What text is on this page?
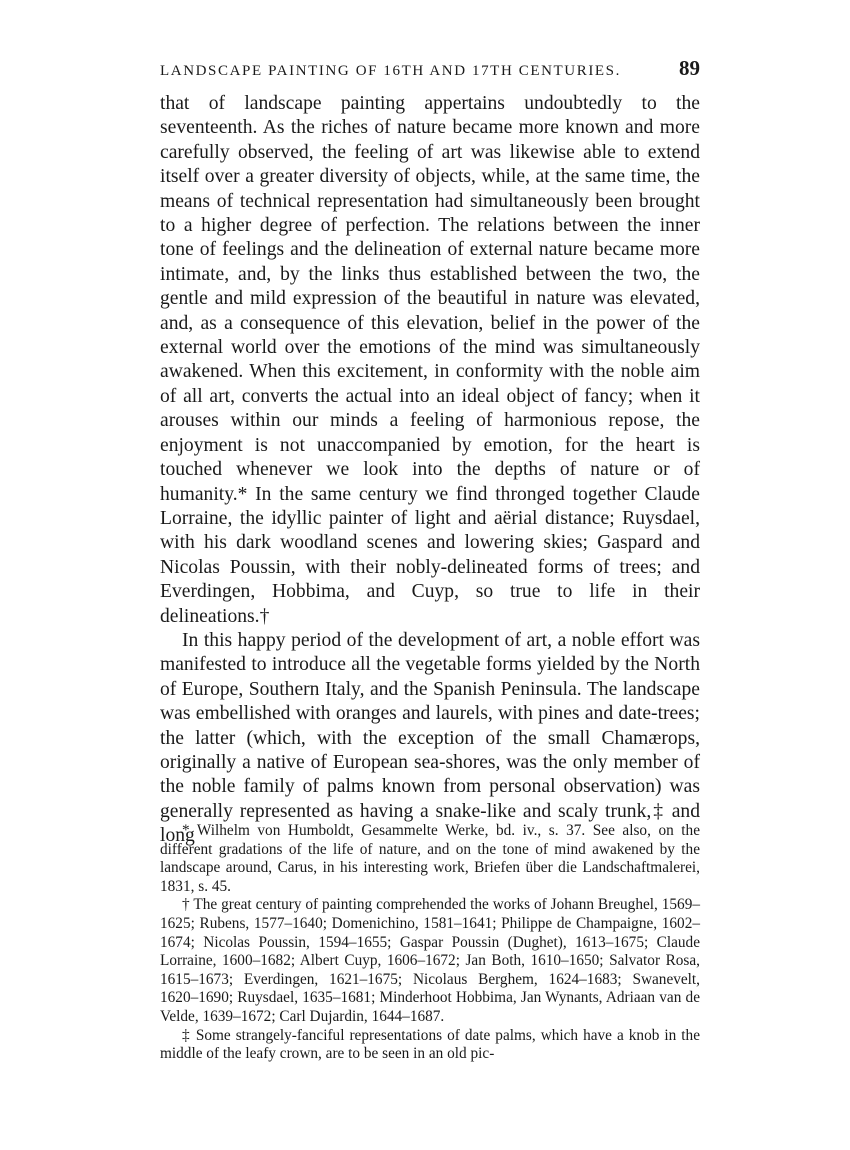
LANDSCAPE PAINTING OF 16TH AND 17TH CENTURIES.	89

that of landscape painting appertains undoubtedly to the seventeenth. As the riches of nature became more known and more carefully observed, the feeling of art was likewise able to extend itself over a greater diversity of objects, while, at the same time, the means of technical representation had simultaneously been brought to a higher degree of perfection. The relations between the inner tone of feelings and the delineation of external nature became more intimate, and, by the links thus established between the two, the gentle and mild expression of the beautiful in nature was elevated, and, as a consequence of this elevation, belief in the power of the external world over the emotions of the mind was simultaneously awakened. When this excitement, in conformity with the noble aim of all art, converts the actual into an ideal object of fancy; when it arouses within our minds a feeling of harmonious repose, the enjoyment is not unaccompanied by emotion, for the heart is touched whenever we look into the depths of nature or of humanity.* In the same century we find thronged together Claude Lorraine, the idyllic painter of light and aërial distance; Ruysdael, with his dark woodland scenes and lowering skies; Gaspard and Nicolas Poussin, with their nobly-delineated forms of trees; and Everdingen, Hobbima, and Cuyp, so true to life in their delineations.†

In this happy period of the development of art, a noble effort was manifested to introduce all the vegetable forms yielded by the North of Europe, Southern Italy, and the Spanish Peninsula. The landscape was embellished with oranges and laurels, with pines and date-trees; the latter (which, with the exception of the small Chamærops, originally a native of European sea-shores, was the only member of the noble family of palms known from personal observation) was generally represented as having a snake-like and scaly trunk,‡ and long

* Wilhelm von Humboldt, Gesammelte Werke, bd. iv., s. 37. See also, on the different gradations of the life of nature, and on the tone of mind awakened by the landscape around, Carus, in his interesting work, Briefen über die Landschaftmalerei, 1831, s. 45.

† The great century of painting comprehended the works of Johann Breughel, 1569–1625; Rubens, 1577–1640; Domenichino, 1581–1641; Philippe de Champaigne, 1602–1674; Nicolas Poussin, 1594–1655; Gaspar Poussin (Dughet), 1613–1675; Claude Lorraine, 1600–1682; Albert Cuyp, 1606–1672; Jan Both, 1610–1650; Salvator Rosa, 1615–1673; Everdingen, 1621–1675; Nicolaus Berghem, 1624–1683; Swanevelt, 1620–1690; Ruysdael, 1635–1681; Minderhoot Hobbima, Jan Wynants, Adriaan van de Velde, 1639–1672; Carl Dujardin, 1644–1687.

‡ Some strangely-fanciful representations of date palms, which have a knob in the middle of the leafy crown, are to be seen in an old pic-
